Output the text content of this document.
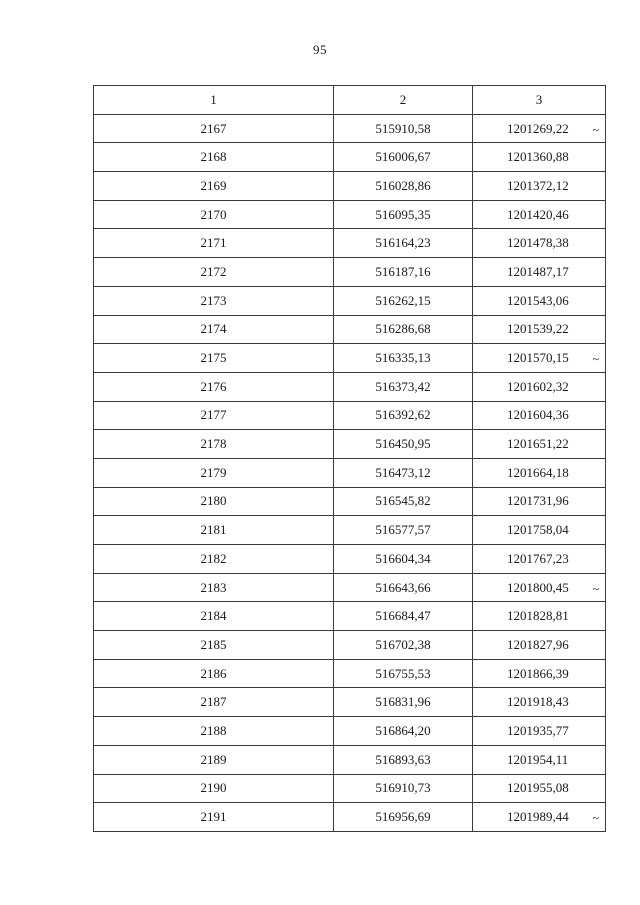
95
1	2	3
2167	515910,58	1201269,22 ~

2168	516006,67	1201360,88
2169	516028,86	1201372,12
2170	516095,35	1201420,46
2171	516164,23	1201478,38
2172	516187,16	1201487,17
2173	516262,15	1201543,06
2174	516286,68	1201539,22
2175	516335,13	1201570,15 ~

2176	516373,42	1201602,32
2177	516392,62	1201604,36
2178	516450,95	1201651,22
2179	516473,12	1201664,18
2180	516545,82	1201731,96
2181	516577,57	1201758,04
2182	516604,34	1201767,23
2183	516643,66	1201800,45 ~

2184	516684,47	1201828,81
2185	516702,38	1201827,96
2186	516755,53	1201866,39
2187	516831,96	1201918,43
2188	516864,20	1201935,77
2189	516893,63	1201954,11
2190	516910,73	1201955,08
2191	516956,69	1201989,44 ~
